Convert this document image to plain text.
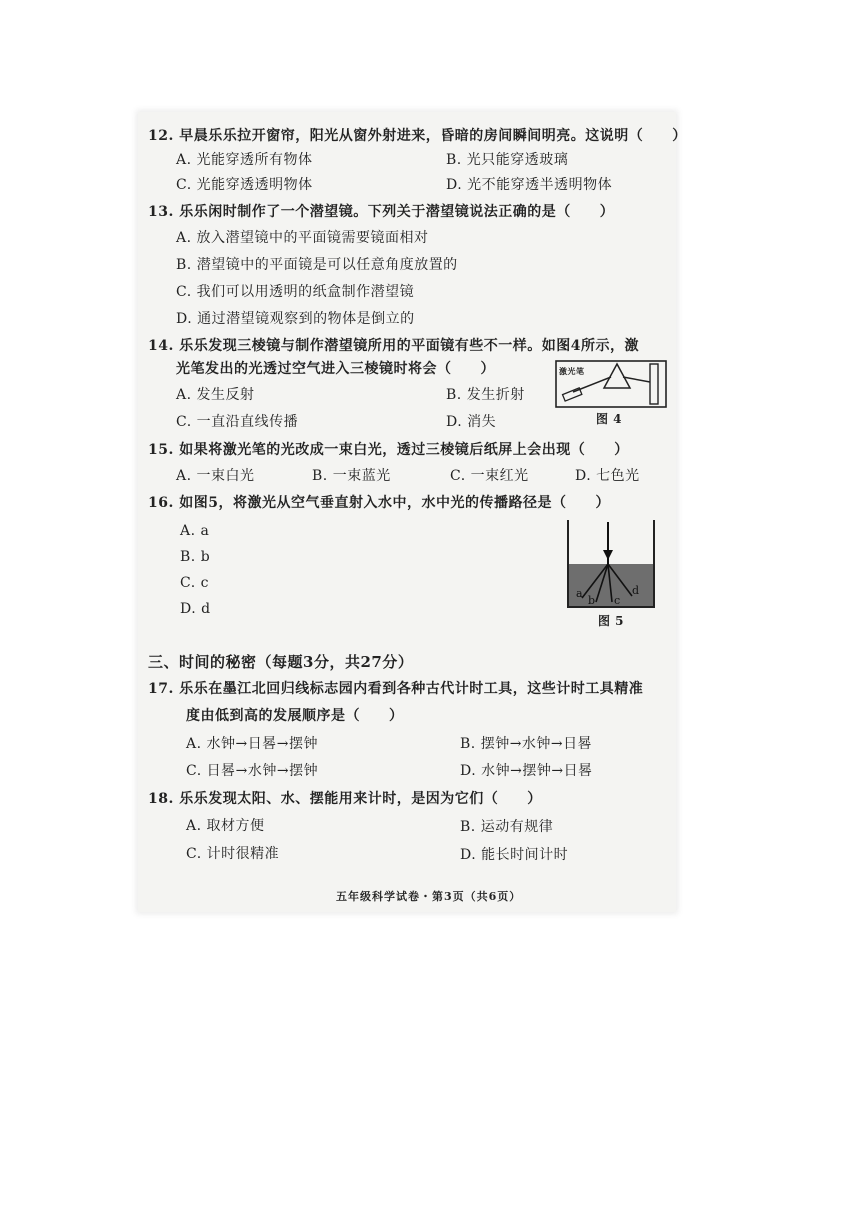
12. 早晨乐乐拉开窗帘，阳光从窗外射进来，昏暗的房间瞬间明亮。这说明（　　）
A. 光能穿透所有物体	B. 光只能穿透玻璃
C. 光能穿透透明物体	D. 光不能穿透半透明物体
13. 乐乐闲时制作了一个潜望镜。下列关于潜望镜说法正确的是（　　）
A. 放入潜望镜中的平面镜需要镜面相对
B. 潜望镜中的平面镜是可以任意角度放置的
C. 我们可以用透明的纸盒制作潜望镜
D. 通过潜望镜观察到的物体是倒立的
14. 乐乐发现三棱镜与制作潜望镜所用的平面镜有些不一样。如图4所示，激
光笔发出的光透过空气进入三棱镜时将会（　　）
A. 发生反射	B. 发生折射
C. 一直沿直线传播	D. 消失
激光笔
图 4
15. 如果将激光笔的光改成一束白光，透过三棱镜后纸屏上会出现（　　）
A. 一束白光	B. 一束蓝光	C. 一束红光	D. 七色光
16. 如图5，将激光从空气垂直射入水中，水中光的传播路径是（　　）
A. a
B. b
C. c
D. d
a
b c
d
图 5
三、时间的秘密（每题3分，共27分）
17. 乐乐在墨江北回归线标志园内看到各种古代计时工具，这些计时工具精准
度由低到高的发展顺序是（　　）
A. 水钟→日晷→摆钟	B. 摆钟→水钟→日晷
C. 日晷→水钟→摆钟	D. 水钟→摆钟→日晷
18. 乐乐发现太阳、水、摆能用来计时，是因为它们（　　）
A. 取材方便	B. 运动有规律
C. 计时很精准	D. 能长时间计时
五年级科学试卷・第3页（共6页）
